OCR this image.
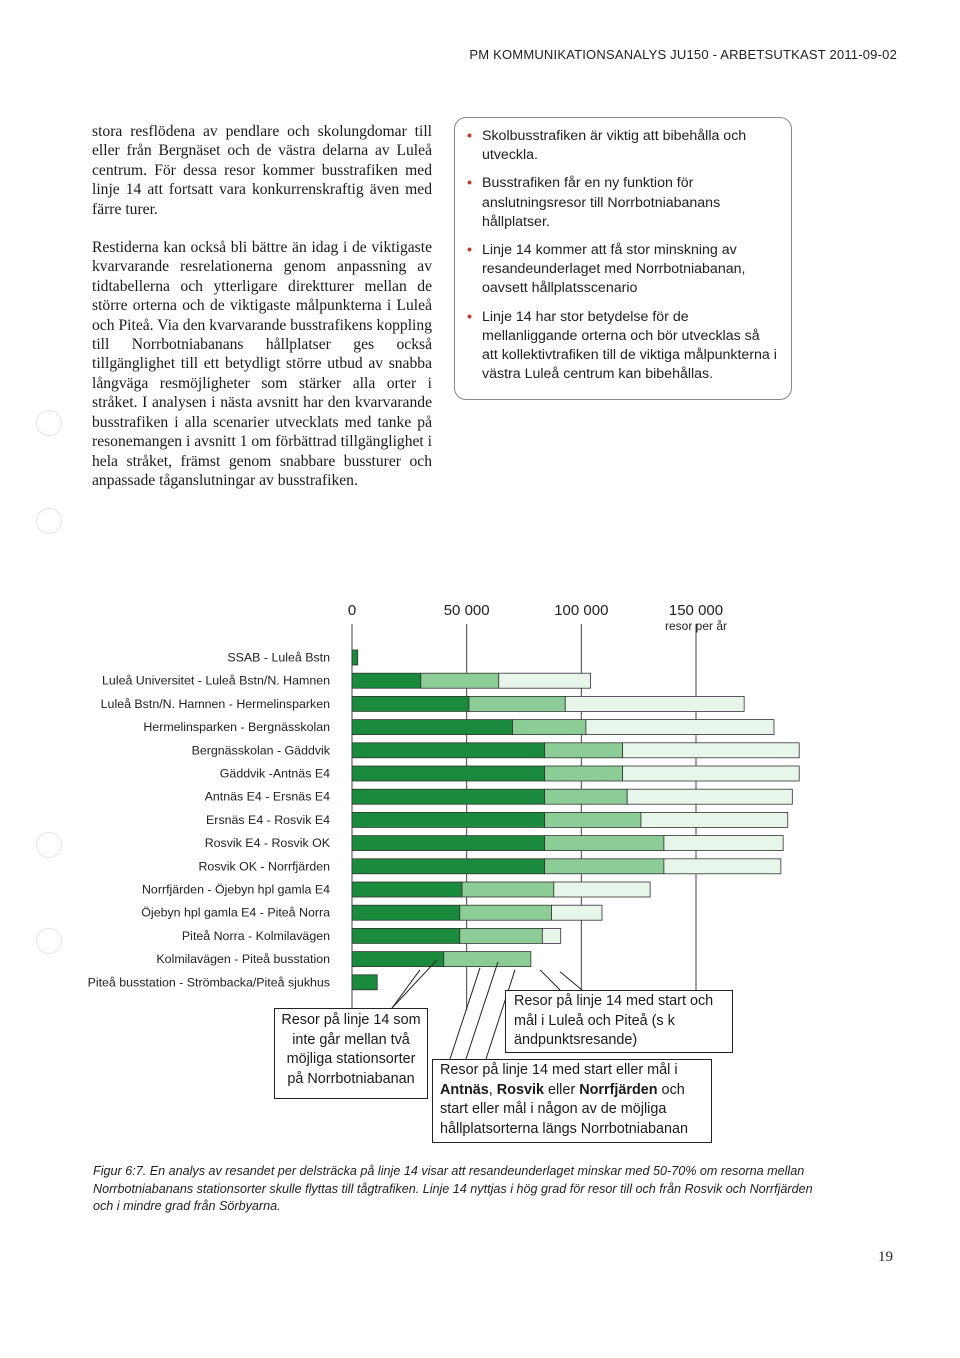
PM KOMMUNIKATIONSANALYS JU150 - ARBETSUTKAST 2011-09-02

stora resflödena av pendlare och skolungdomar till eller från Bergnäset och de västra delarna av Luleå centrum. För dessa resor kommer busstrafiken med linje 14 att fortsatt vara konkurrenskraftig även med färre turer.

Restiderna kan också bli bättre än idag i de viktigaste kvarvarande resrelationerna genom anpassning av tidtabellerna och ytterligare direktturer mellan de större orterna och de viktigaste målpunkterna i Luleå och Piteå. Via den kvarvarande busstrafikens koppling till Norrbotniabanans hållplatser ges också tillgänglighet till ett betydligt större utbud av snabba långväga resmöjligheter som stärker alla orter i stråket. I analysen i nästa avsnitt har den kvarvarande busstrafiken i alla scenarier utvecklats med tanke på resonemangen i avsnitt 1 om förbättrad tillgänglighet i hela stråket, främst genom snabbare bussturer och anpassade tåganslutningar av busstrafiken.

• Skolbusstrafiken är viktig att bibehålla och utveckla.
• Busstrafiken får en ny funktion för anslutningsresor till Norrbotniabanans hållplatser.
• Linje 14 kommer att få stor minskning av resandeunderlaget med Norrbotniabanan, oavsett hållplatsscenario
• Linje 14 har stor betydelse för de mellanliggande orterna och bör utvecklas så att kollektivtrafiken till de viktiga målpunkterna i västra Luleå centrum kan bibehållas.
0	50 000	100 000	150 000
SSAB - Luleå Bstn
Luleå Universitet - Luleå Bstn/N. Hamnen
Luleå Bstn/N. Hamnen - Hermelinsparken
Hermelinsparken - Bergnässkolan
Bergnässkolan - Gäddvik
Gäddvik -Antnäs E4
Antnäs E4 - Ersnäs E4
Ersnäs E4 - Rosvik E4
Rosvik E4 - Rosvik OK
Rosvik OK - Norrfjärden
Norrfjärden - Öjebyn hpl gamla E4
Öjebyn hpl gamla E4 - Piteå Norra
Piteå Norra - Kolmilavägen
Kolmilavägen - Piteå busstation
Piteå busstation - Strömbacka/Piteå sjukhus
resor per år
Resor på linje 14 som inte går mellan två möjliga stationsorter på Norrbotniabanan
Resor på linje 14 med start och mål i Luleå och Piteå (s k ändpunktsresande)
Resor på linje 14 med start eller mål i Antnäs, Rosvik eller Norrfjärden och start eller mål i någon av de möjliga hållplatsorterna längs Norrbotniabanan
Figur 6:7. En analys av resandet per delsträcka på linje 14 visar att resandeunderlaget minskar med 50-70% om resorna mellan Norrbotniabanans stationsorter skulle flyttas till tågtrafiken. Linje 14 nyttjas i hög grad för resor till och från Rosvik och Norrfjärden och i mindre grad från Sörbyarna.
19
